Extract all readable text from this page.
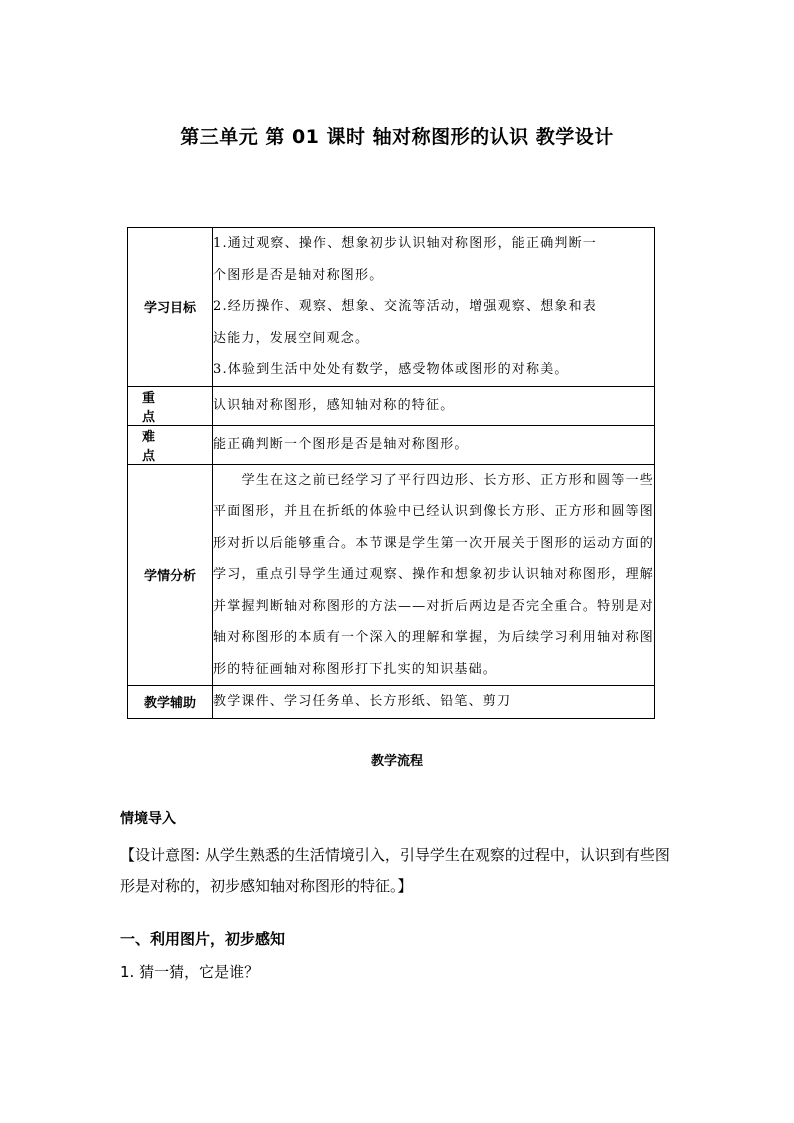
第三单元 第 01 课时 轴对称图形的认识 教学设计
学习目标	1.通过观察、操作、想象初步认识轴对称图形，能正确判断一
个图形是否是轴对称图形。
2.经历操作、观察、想象、交流等活动，增强观察、想象和表
达能力，发展空间观念。
3.体验到生活中处处有数学，感受物体或图形的对称美。

重　　点	认识轴对称图形，感知轴对称的特征。
难　　点	能正确判断一个图形是否是轴对称图形。
学情分析	学生在这之前已经学习了平行四边形、长方形、正方形和圆等一些平面图形，并且在折纸的体验中已经认识到像长方形、正方形和圆等图形对折以后能够重合。本节课是学生第一次开展关于图形的运动方面的学习，重点引导学生通过观察、操作和想象初步认识轴对称图形，理解并掌握判断轴对称图形的方法——对折后两边是否完全重合。特别是对轴对称图形的本质有一个深入的理解和掌握，为后续学习利用轴对称图形的特征画轴对称图形打下扎实的知识基础。

教学辅助	教学课件、学习任务单、长方形纸、铅笔、剪刀
教学流程
情境导入
【设计意图: 从学生熟悉的生活情境引入，引导学生在观察的过程中，认识到有些图形是对称的，初步感知轴对称图形的特征。】
一、利用图片，初步感知
1. 猜一猜，它是谁？
